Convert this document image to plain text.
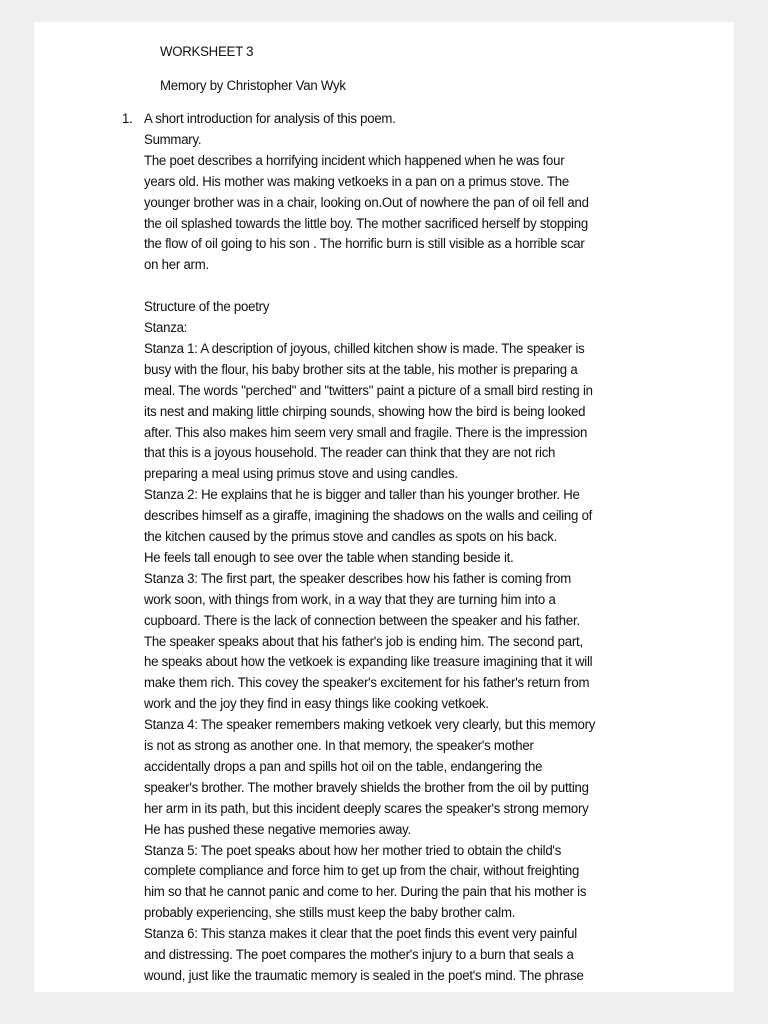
WORKSHEET 3
Memory by Christopher Van Wyk
1. A short introduction for analysis of this poem.
Summary.
The poet describes a horrifying incident which happened when he was four
years old. His mother was making vetkoeks in a pan on a primus stove. The
younger brother was in a chair, looking on.Out of nowhere the pan of oil fell and
the oil splashed towards the little boy. The mother sacrificed herself by stopping
the flow of oil going to his son . The horrific burn is still visible as a horrible scar
on her arm.
Structure of the poetry
Stanza:
Stanza 1: A description of joyous, chilled kitchen show is made. The speaker is
busy with the flour, his baby brother sits at the table, his mother is preparing a
meal. The words "perched" and "twitters" paint a picture of a small bird resting in
its nest and making little chirping sounds, showing how the bird is being looked
after. This also makes him seem very small and fragile. There is the impression
that this is a joyous household. The reader can think that they are not rich
preparing a meal using primus stove and using candles.
Stanza 2: He explains that he is bigger and taller than his younger brother. He
describes himself as a giraffe, imagining the shadows on the walls and ceiling of
the kitchen caused by the primus stove and candles as spots on his back.
He feels tall enough to see over the table when standing beside it.
Stanza 3: The first part, the speaker describes how his father is coming from
work soon, with things from work, in a way that they are turning him into a
cupboard. There is the lack of connection between the speaker and his father.
The speaker speaks about that his father's job is ending him. The second part,
he speaks about how the vetkoek is expanding like treasure imagining that it will
make them rich. This covey the speaker's excitement for his father's return from
work and the joy they find in easy things like cooking vetkoek.
Stanza 4: The speaker remembers making vetkoek very clearly, but this memory
is not as strong as another one. In that memory, the speaker's mother
accidentally drops a pan and spills hot oil on the table, endangering the
speaker's brother. The mother bravely shields the brother from the oil by putting
her arm in its path, but this incident deeply scares the speaker's strong memory
He has pushed these negative memories away.
Stanza 5: The poet speaks about how her mother tried to obtain the child's
complete compliance and force him to get up from the chair, without freighting
him so that he cannot panic and come to her. During the pain that his mother is
probably experiencing, she stills must keep the baby brother calm.
Stanza 6: This stanza makes it clear that the poet finds this event very painful
and distressing. The poet compares the mother's injury to a burn that seals a
wound, just like the traumatic memory is sealed in the poet's mind. The phrase
